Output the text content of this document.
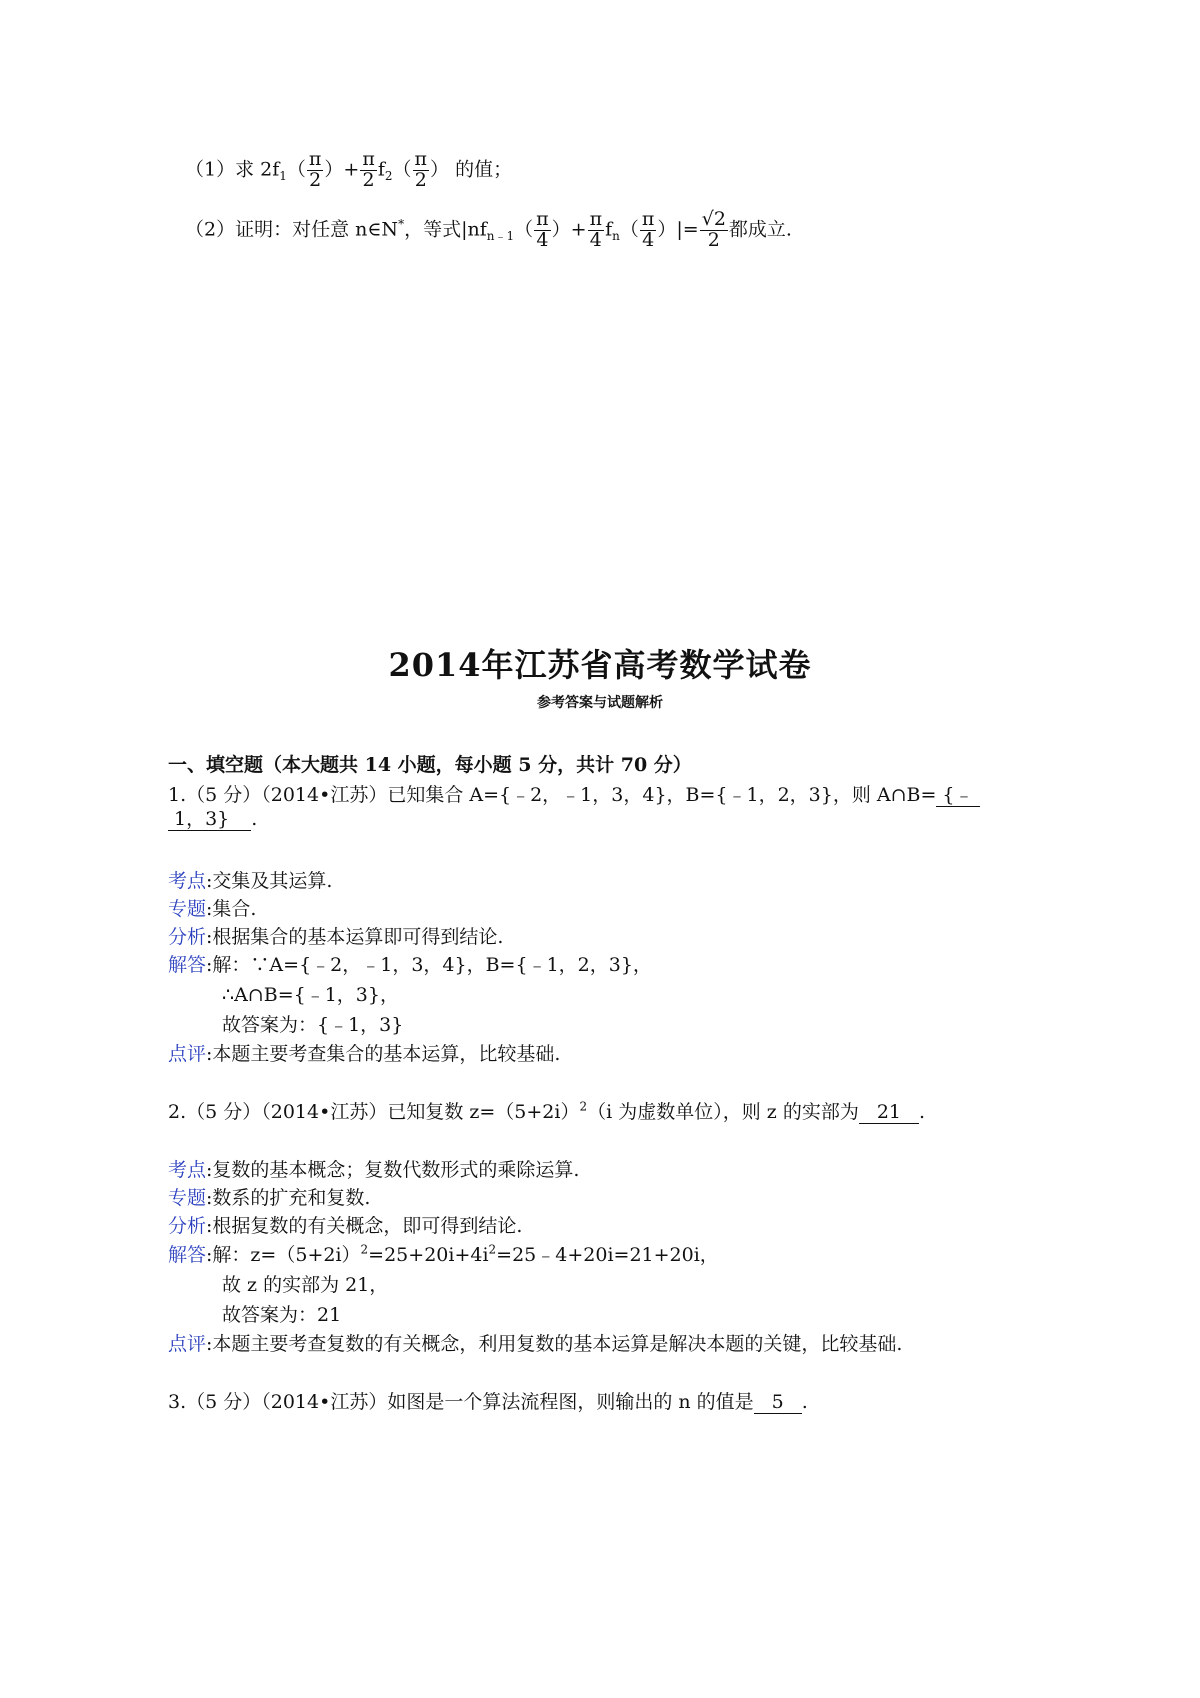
（1）求 $2f_1( \frac{\pi}{2}$ ）+ $\frac{\pi}{2} f_2( \frac{\pi}{2}$ ） 的值；
（2）证明：对任意 n∈N*，等式$|nf_{n﹣1}( \frac{\pi}{4}$ ）+ $\frac{\pi}{4} f_n( \frac{\pi}{4}$ ）|= $\frac{√2}{2}$ 都成立.
2014年江苏省高考数学试卷
参考答案与试题解析
一、填空题（本大题共 14 小题，每小题 5 分，共计 70 分）
1.（5 分）（2014•江苏）已知集合 A={﹣2，﹣1，3，4}，B={﹣1，2，3}，则 A∩B= {﹣
1，3} .
考点:交集及其运算.
专题:集合.
分析:根据集合的基本运算即可得到结论.
解答:解：∵A={﹣2，﹣1，3，4}，B={﹣1，2，3}，
∴A∩B={﹣1，3}，
故答案为：{﹣1，3}
点评:本题主要考查集合的基本运算，比较基础.
2.（5 分）（2014•江苏）已知复数 $z=(5+2i)^2(i$ 为虚数单位），则 z 的实部为 21 .
考点:复数的基本概念；复数代数形式的乘除运算.
专题:数系的扩充和复数.
分析:根据复数的有关概念，即可得到结论.
解答:解：$z=(5+2i)^2=25+20i+4i^2=25﹣4+20i=21+20i$，
故 z 的实部为 21，
故答案为：21
点评:本题主要考查复数的有关概念，利用复数的基本运算是解决本题的关键，比较基础.
3.（5 分）（2014•江苏）如图是一个算法流程图，则输出的 n 的值是 5 .
